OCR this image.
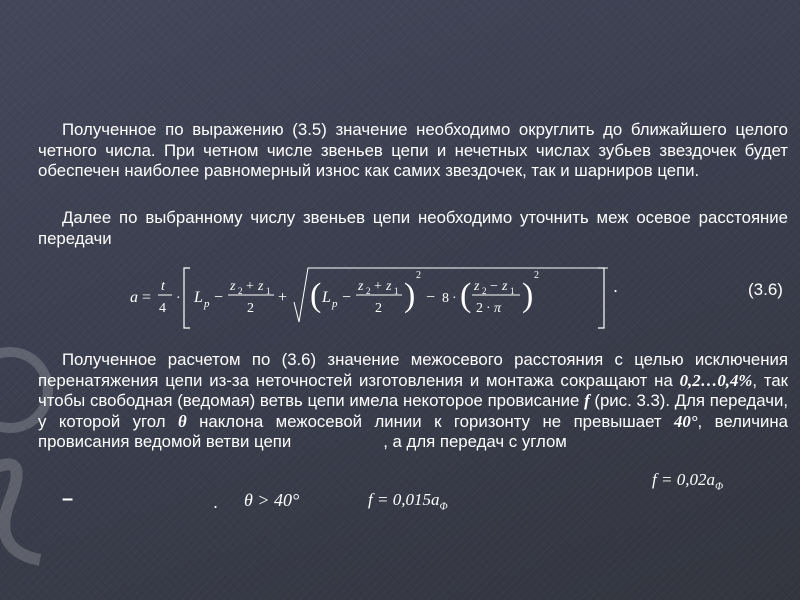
Полученное по выражению (3.5) значение необходимо округлить до ближайшего целого четного числа. При четном числе звеньев цепи и нечетных числах зубьев звездочек будет обеспечен наиболее равномерный износ как самих звездочек, так и шарниров цепи.

Далее по выбранному числу звеньев цепи необходимо уточнить меж осевое расстояние передачи

a =
t
4
· L p −
z 2 + z 1
2
+ ( L p −
z 2 + z 1
2 )
2
− 8 · ( z 2 − z 1
2 · π )
2
.	(3.6)

Полученное расчетом по (3.6) значение межосевого расстояния с целью исключения перенатяжения цепи из-за неточностей изготовления и монтажа сокращают на 0,2…0,4%, так чтобы свободная (ведомая) ветвь цепи имела некоторое провисание f (рис. 3.3). Для передачи, у которой угол θ наклона межосевой линии к горизонту не превышает 40°, величина провисания ведомой ветви цепи	, а для передач с углом

$f = 0,02a_Ф$
–	. θ > 40°	$f = 0,015a_Ф$
